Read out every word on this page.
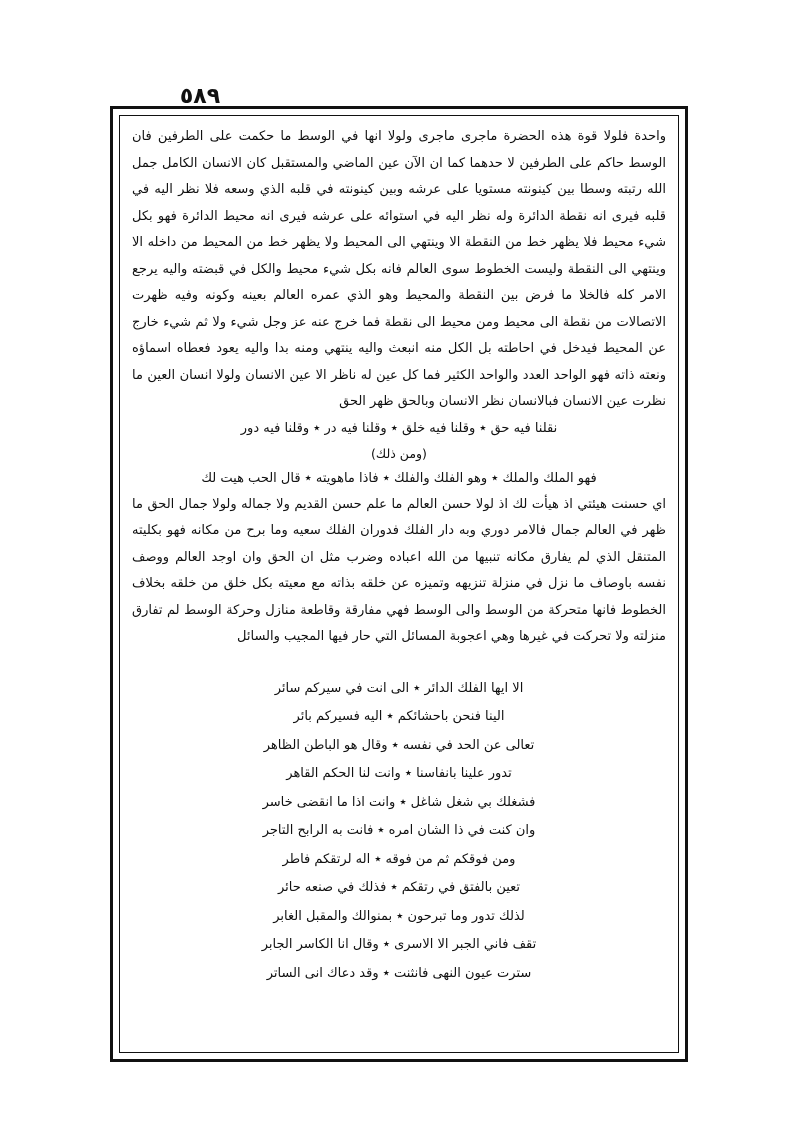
٥٨٩

واحدة فلولا قوة هذه الحضرة ماجرى ماجرى ولولا انها في الوسط ما حكمت على الطرفين فان الوسط حاكم على الطرفين لا حدهما كما ان الآن عين الماضي والمستقبل كان الانسان الكامل جمل الله رتبته وسطا بين كينونته مستويا على عرشه وبين كينونته في قلبه الذي وسعه فلا نظر اليه في قلبه فيرى انه نقطة الدائرة وله نظر اليه في استوائه على عرشه فيرى انه محيط الدائرة فهو بكل شيء محيط فلا يظهر خط من النقطة الا وينتهي الى المحيط ولا يظهر خط من المحيط من داخله الا وينتهي الى النقطة وليست الخطوط سوى العالم فانه بكل شيء محيط والكل في قبضته واليه يرجع الامر كله فالخلا ما فرض بين النقطة والمحيط وهو الذي عمره العالم بعينه وكونه وفيه ظهرت الاتصالات من نقطة الى محيط ومن محيط الى نقطة فما خرج عنه عز وجل شيء ولا ثم شيء خارج عن المحيط فيدخل في احاطته بل الكل منه انبعث واليه ينتهي ومنه بدا واليه يعود فعطاه اسماؤه ونعته ذاته فهو الواحد العدد والواحد الكثير فما كل عين له ناظر الا عين الانسان ولولا انسان العين ما نظرت عين الانسان فبالانسان نظر الانسان وبالحق ظهر الحق

نقلنا فيه حق ٭ وقلنا فيه خلق ٭ وقلنا فيه در ٭ وقلنا فيه دور
(ومن ذلك)
فهو الملك والملك ٭ وهو الفلك والفلك ٭ فاذا ماهويته ٭ قال الحب هيت لك

اي حسنت هيئتي اذ هيأت لك اذ لولا حسن العالم ما علم حسن القديم ولا جماله ولولا جمال الحق ما ظهر في العالم جمال فالامر دوري وبه دار الفلك فدوران الفلك سعيه وما برح من مكانه فهو بكليته المتنقل الذي لم يفارق مكانه تنبيها من الله اعباده وضرب مثل ان الحق وان اوجد العالم ووصف نفسه باوصاف ما نزل في منزلة تنزيهه وتميزه عن خلقه بذاته مع معيته بكل خلق من خلقه بخلاف الخطوط فانها متحركة من الوسط والى الوسط فهي مفارقة وقاطعة منازل وحركة الوسط لم تفارق منزلته ولا تحركت في غيرها وهي اعجوبة المسائل التي حار فيها المجيب والسائل

الا ايها الفلك الدائر ٭ الى انت في سيركم سائر
الينا فنحن باحشائكم ٭ اليه فسيركم بائر
تعالى عن الحد في نفسه ٭ وقال هو الباطن الظاهر
تدور علينا بانفاسنا ٭ وانت لنا الحكم القاهر
فشغلك بي شغل شاغل ٭ وانت اذا ما انقضى خاسر
وان كنت في ذا الشان امره ٭ فانت به الرابح التاجر
ومن فوقكم ثم من فوقه ٭ اله لرتقكم فاطر
تعين بالفتق في رتقكم ٭ فذلك في صنعه حائر
لذلك تدور وما تبرحون ٭ بمنوالك والمقبل الغابر
تقف فاني الجبر الا الاسرى ٭ وقال انا الكاسر الجابر
سترت عيون النهى فانثنت ٭ وقد دعاك انى الساتر
